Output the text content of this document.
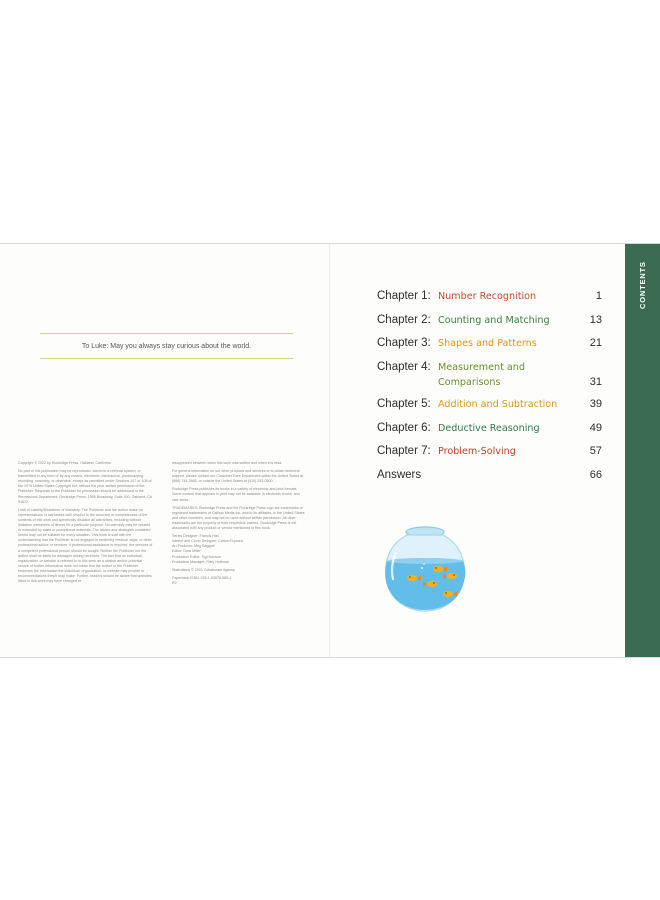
To Luke: May you always stay curious about the world.

Copyright © 2022 by Rockridge Press, Oakland, California

No part of this publication may be reproduced, stored in a retrieval system, or transmitted in any form or by any means, electronic, mechanical, photocopying, recording, scanning, or otherwise, except as permitted under Sections 107 or 108 of the 1976 United States Copyright Act, without the prior written permission of the Publisher. Requests to the Publisher for permission should be addressed to the Permissions Department, Rockridge Press, 1955 Broadway, Suite 400, Oakland, CA 94612.

Limit of Liability/Disclaimer of Warranty: The Publisher and the author make no representations or warranties with respect to the accuracy or completeness of the contents of this work and specifically disclaim all warranties, including without limitation warranties of fitness for a particular purpose. No warranty may be created or extended by sales or promotional materials. The advice and strategies contained herein may not be suitable for every situation. This work is sold with the understanding that the Publisher is not engaged in rendering medical, legal, or other professional advice or services. If professional assistance is required, the services of a competent professional person should be sought. Neither the Publisher nor the author shall be liable for damages arising herefrom. The fact that an individual, organization, or website is referred to in this work as a citation and/or potential source of further information does not mean that the author or the Publisher endorses the information the individual, organization, or website may provide or recommendations they/it may make. Further, readers should be aware that websites listed in this work may have changed or

disappeared between when this work was written and when it is read.

For general information on our other products and services or to obtain technical support, please contact our Customer Care Department within the United States at (866) 744-2665, or outside the United States at (510) 253-0500.

Rockridge Press publishes its books in a variety of electronic and print formats. Some content that appears in print may not be available in electronic books, and vice versa.

TRADEMARKS: Rockridge Press and the Rockridge Press logo are trademarks or registered trademarks of Callisto Media Inc. and/or its affiliates, in the United States and other countries, and may not be used without written permission. All other trademarks are the property of their respective owners. Rockridge Press is not associated with any product or vendor mentioned in this book.

Series Designer: Francis Hall
Interior and Cover Designer: Carlos Esparza
Art Producer: Meg Baggott
Editor: Dora Miller
Production Editor: Sigi Nacson
Production Manager: Riley Hoffman

Illustrations © 2021 Collaborate Agency

Paperback ISBN: 978-1-63878-680-4
R0

Chapter 1: Number Recognition	1
Chapter 2: Counting and Matching	13
Chapter 3: Shapes and Patterns	21
Chapter 4: Measurement and Comparisons	31
Chapter 5: Addition and Subtraction	39
Chapter 6: Deductive Reasoning	49
Chapter 7: Problem-Solving	57
Answers	66
CONTENTS
